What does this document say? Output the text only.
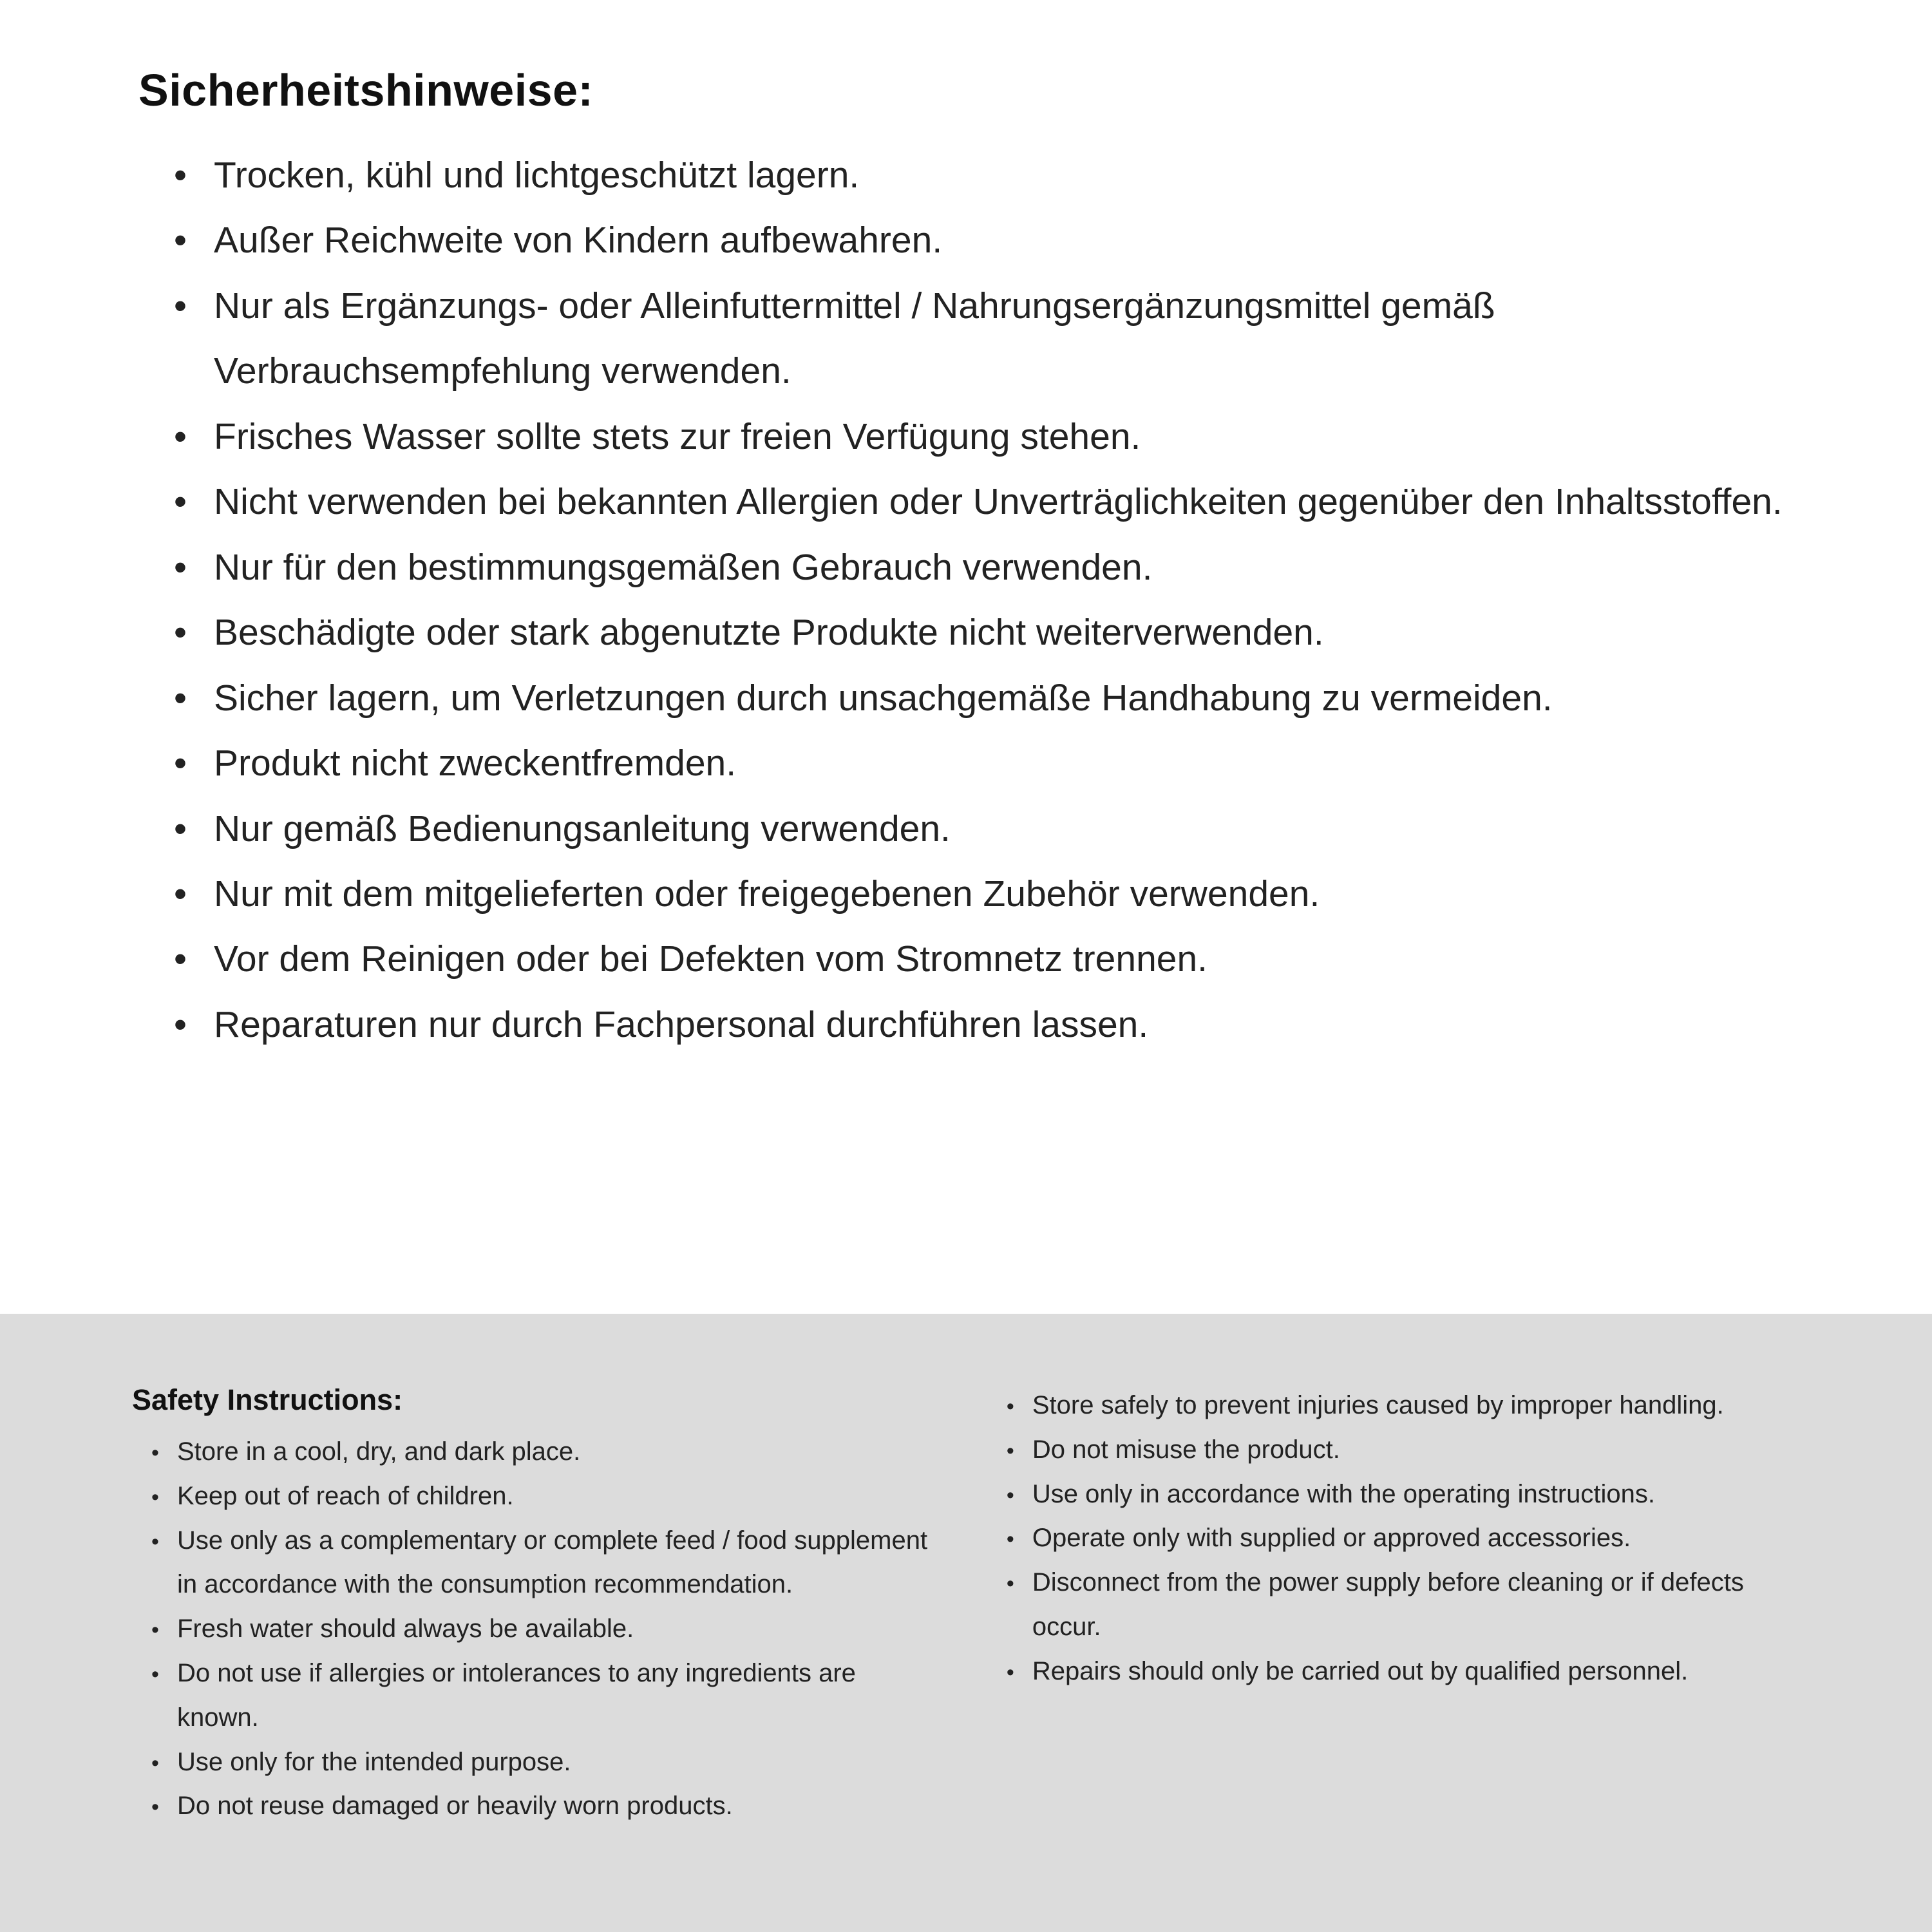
Sicherheitshinweise:
• Trocken, kühl und lichtgeschützt lagern.
• Außer Reichweite von Kindern aufbewahren.
• Nur als Ergänzungs- oder Alleinfuttermittel / Nahrungsergänzungsmittel gemäß Verbrauchsempfehlung verwenden.
• Frisches Wasser sollte stets zur freien Verfügung stehen.
• Nicht verwenden bei bekannten Allergien oder Unverträglichkeiten gegenüber den Inhaltsstoffen.
• Nur für den bestimmungsgemäßen Gebrauch verwenden.
• Beschädigte oder stark abgenutzte Produkte nicht weiterverwenden.
• Sicher lagern, um Verletzungen durch unsachgemäße Handhabung zu vermeiden.
• Produkt nicht zweckentfremden.
• Nur gemäß Bedienungsanleitung verwenden.
• Nur mit dem mitgelieferten oder freigegebenen Zubehör verwenden.
• Vor dem Reinigen oder bei Defekten vom Stromnetz trennen.
• Reparaturen nur durch Fachpersonal durchführen lassen.
Safety Instructions:
• Store in a cool, dry, and dark place.
• Keep out of reach of children.
• Use only as a complementary or complete feed / food supplement in accordance with the consumption recommendation.
• Fresh water should always be available.
• Do not use if allergies or intolerances to any ingredients are known.
• Use only for the intended purpose.
• Do not reuse damaged or heavily worn products.
• Store safely to prevent injuries caused by improper handling.
• Do not misuse the product.
• Use only in accordance with the operating instructions.
• Operate only with supplied or approved accessories.
• Disconnect from the power supply before cleaning or if defects occur.
• Repairs should only be carried out by qualified personnel.
